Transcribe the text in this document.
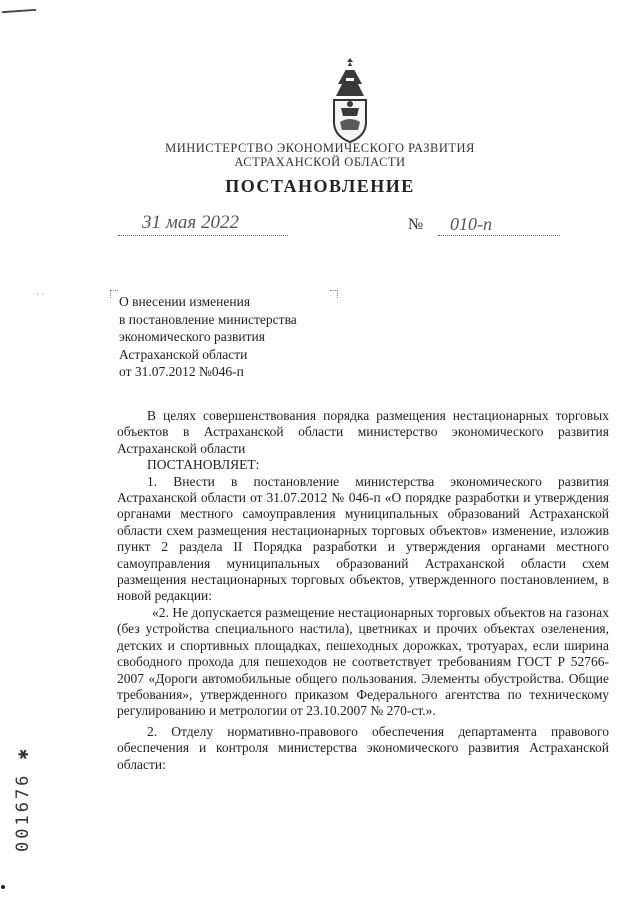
МИНИСТЕРСТВО ЭКОНОМИЧЕСКОГО РАЗВИТИЯ
АСТРАХАНСКОЙ ОБЛАСТИ
ПОСТАНОВЛЕНИЕ
31 мая 2022	№ 010-п
· ·	О внесении изменения
в постановление министерства
экономического развития
Астраханской области
от 31.07.2012 №046-п

В целях совершенствования порядка размещения нестационарных торговых объектов в Астраханской области министерство экономического развития Астраханской области

ПОСТАНОВЛЯЕТ:

1. Внести в постановление министерства экономического развития Астраханской области от 31.07.2012 № 046-п «О порядке разработки и утверждения органами местного самоуправления муниципальных образований Астраханской области схем размещения нестационарных торговых объектов» изменение, изложив пункт 2 раздела II Порядка разработки и утверждения органами местного самоуправления муниципальных образований Астраханской области схем размещения нестационарных торговых объектов, утвержденного постановлением, в новой редакции:

«2. Не допускается размещение нестационарных торговых объектов на газонах (без устройства специального настила), цветниках и прочих объектах озеленения, детских и спортивных площадках, пешеходных дорожках, тротуарах, если ширина свободного прохода для пешеходов не соответствует требованиям ГОСТ Р 52766-2007 «Дороги автомобильные общего пользования. Элементы обустройства. Общие требования», утвержденного приказом Федерального агентства по техническому регулированию и метрологии от 23.10.2007 № 270-ст.».

2. Отделу нормативно-правового обеспечения департамента правового обеспечения и контроля министерства экономического развития Астраханской области:

001676 ✱
